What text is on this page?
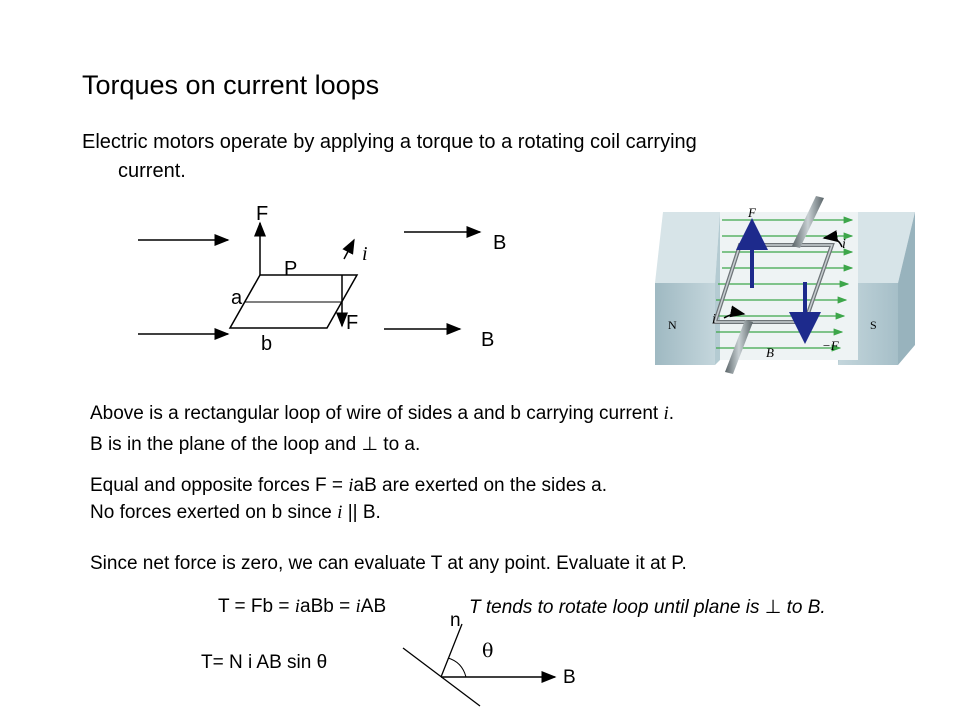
Torques on current loops
Electric motors operate by applying a torque to a rotating coil carrying
current.
F
F
P
a
b
i	B
B
F
i
i
N	S
B	−F
Above is a rectangular loop of wire of sides a and b carrying current i.
B is in the plane of the loop and ⊥ to a.
Equal and opposite forces F = iaB are exerted on the sides a.
No forces exerted on b since i || B.
Since net force is zero, we can evaluate T at any point. Evaluate it at P.
T = Fb = iaBb = iAB	T tends to rotate loop until plane is ⊥ to B.
T= N i AB sin θ
n
θ
B
